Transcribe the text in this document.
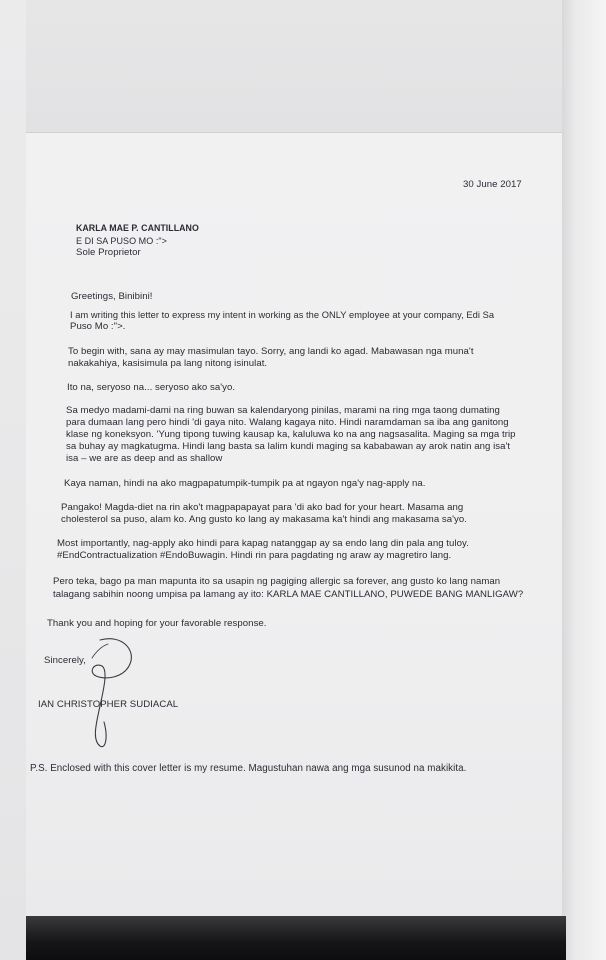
30 June 2017
KARLA MAE P. CANTILLANO
E DI SA PUSO MO :">
Sole Proprietor
Greetings, Binibini!
I am writing this letter to express my intent in working as the ONLY employee at your company, Edi Sa
Puso Mo :">.
To begin with, sana ay may masimulan tayo. Sorry, ang landi ko agad. Mabawasan nga muna't
nakakahiya, kasisimula pa lang nitong isinulat.
Ito na, seryoso na... seryoso ako sa'yo.
Sa medyo madami-dami na ring buwan sa kalendaryong pinilas, marami na ring mga taong dumating
para dumaan lang pero hindi 'di gaya nito. Walang kagaya nito. Hindi naramdaman sa iba ang ganitong
klase ng koneksyon. 'Yung tipong tuwing kausap ka, kaluluwa ko na ang nagsasalita. Maging sa mga trip
sa buhay ay magkatugma. Hindi lang basta sa lalim kundi maging sa kababawan ay arok natin ang isa't
isa – we are as deep and as shallow
Kaya naman, hindi na ako magpapatumpik-tumpik pa at ngayon nga'y nag-apply na.
Pangako! Magda-diet na rin ako't magpapapayat para 'di ako bad for your heart. Masama ang
cholesterol sa puso, alam ko. Ang gusto ko lang ay makasama ka't hindi ang makasama sa'yo.
Most importantly, nag-apply ako hindi para kapag natanggap ay sa endo lang din pala ang tuloy.
#EndContractualization #EndoBuwagin. Hindi rin para pagdating ng araw ay magretiro lang.
Pero teka, bago pa man mapunta ito sa usapin ng pagiging allergic sa forever, ang gusto ko lang naman
talagang sabihin noong umpisa pa lamang ay ito: KARLA MAE CANTILLANO, PUWEDE BANG MANLIGAW?
Thank you and hoping for your favorable response.
Sincerely,
IAN CHRISTOPHER SUDIACAL
P.S. Enclosed with this cover letter is my resume. Magustuhan nawa ang mga susunod na makikita.
